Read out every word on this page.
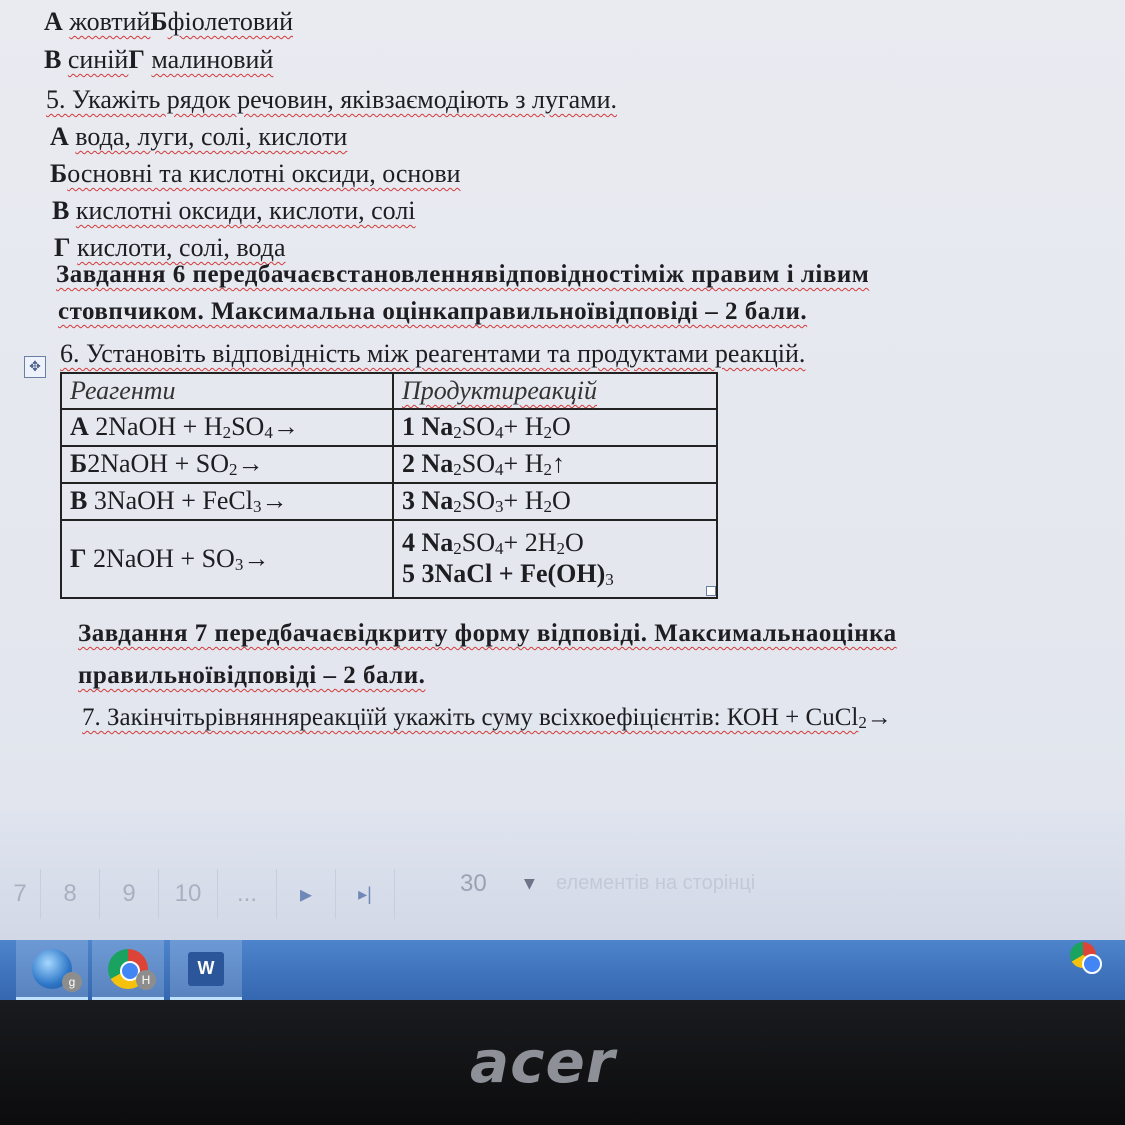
А жовтийБфіолетовий
В синійГ малиновий
5. Укажіть рядок речовин, яківзаємодіють з лугами.
А вода, луги, солі, кислоти
Босновні та кислотні оксиди, основи
В кислотні оксиди, кислоти, солі
Г кислоти, солі, вода
Завдання 6 передбачаєвстановленнявідповідностіміж правим і лівим
стовпчиком. Максимальна оцінкаправильноївідповіді – 2 бали.
✥ 6. Установіть відповідність між реагентами та продуктами реакцій.
Реагенти	Продуктиреакцій
А 2NaOH + H2SO4→	1 Na2SO4+ H2O
Б2NaOH + SO2→	2 Na2SO4+ H2↑
В 3NaOH + FeCl3→	3 Na2SO3+ H2O
Г 2NaOH + SO3→	4 Na2SO4+ 2H2O
5 3NaCl + Fe(OH)3
Завдання 7 передбачаєвідкриту форму відповіді. Максимальнаоцінка
правильноївідповіді – 2 бали.
7. Закінчітьрівнянняреакціїй укажіть суму всіхкоефіцієнтів: КОН + CuCl2→
7	8	9	10	...	▸	▸|	30	▼ елементів на сторінці
g	H
W
acer
